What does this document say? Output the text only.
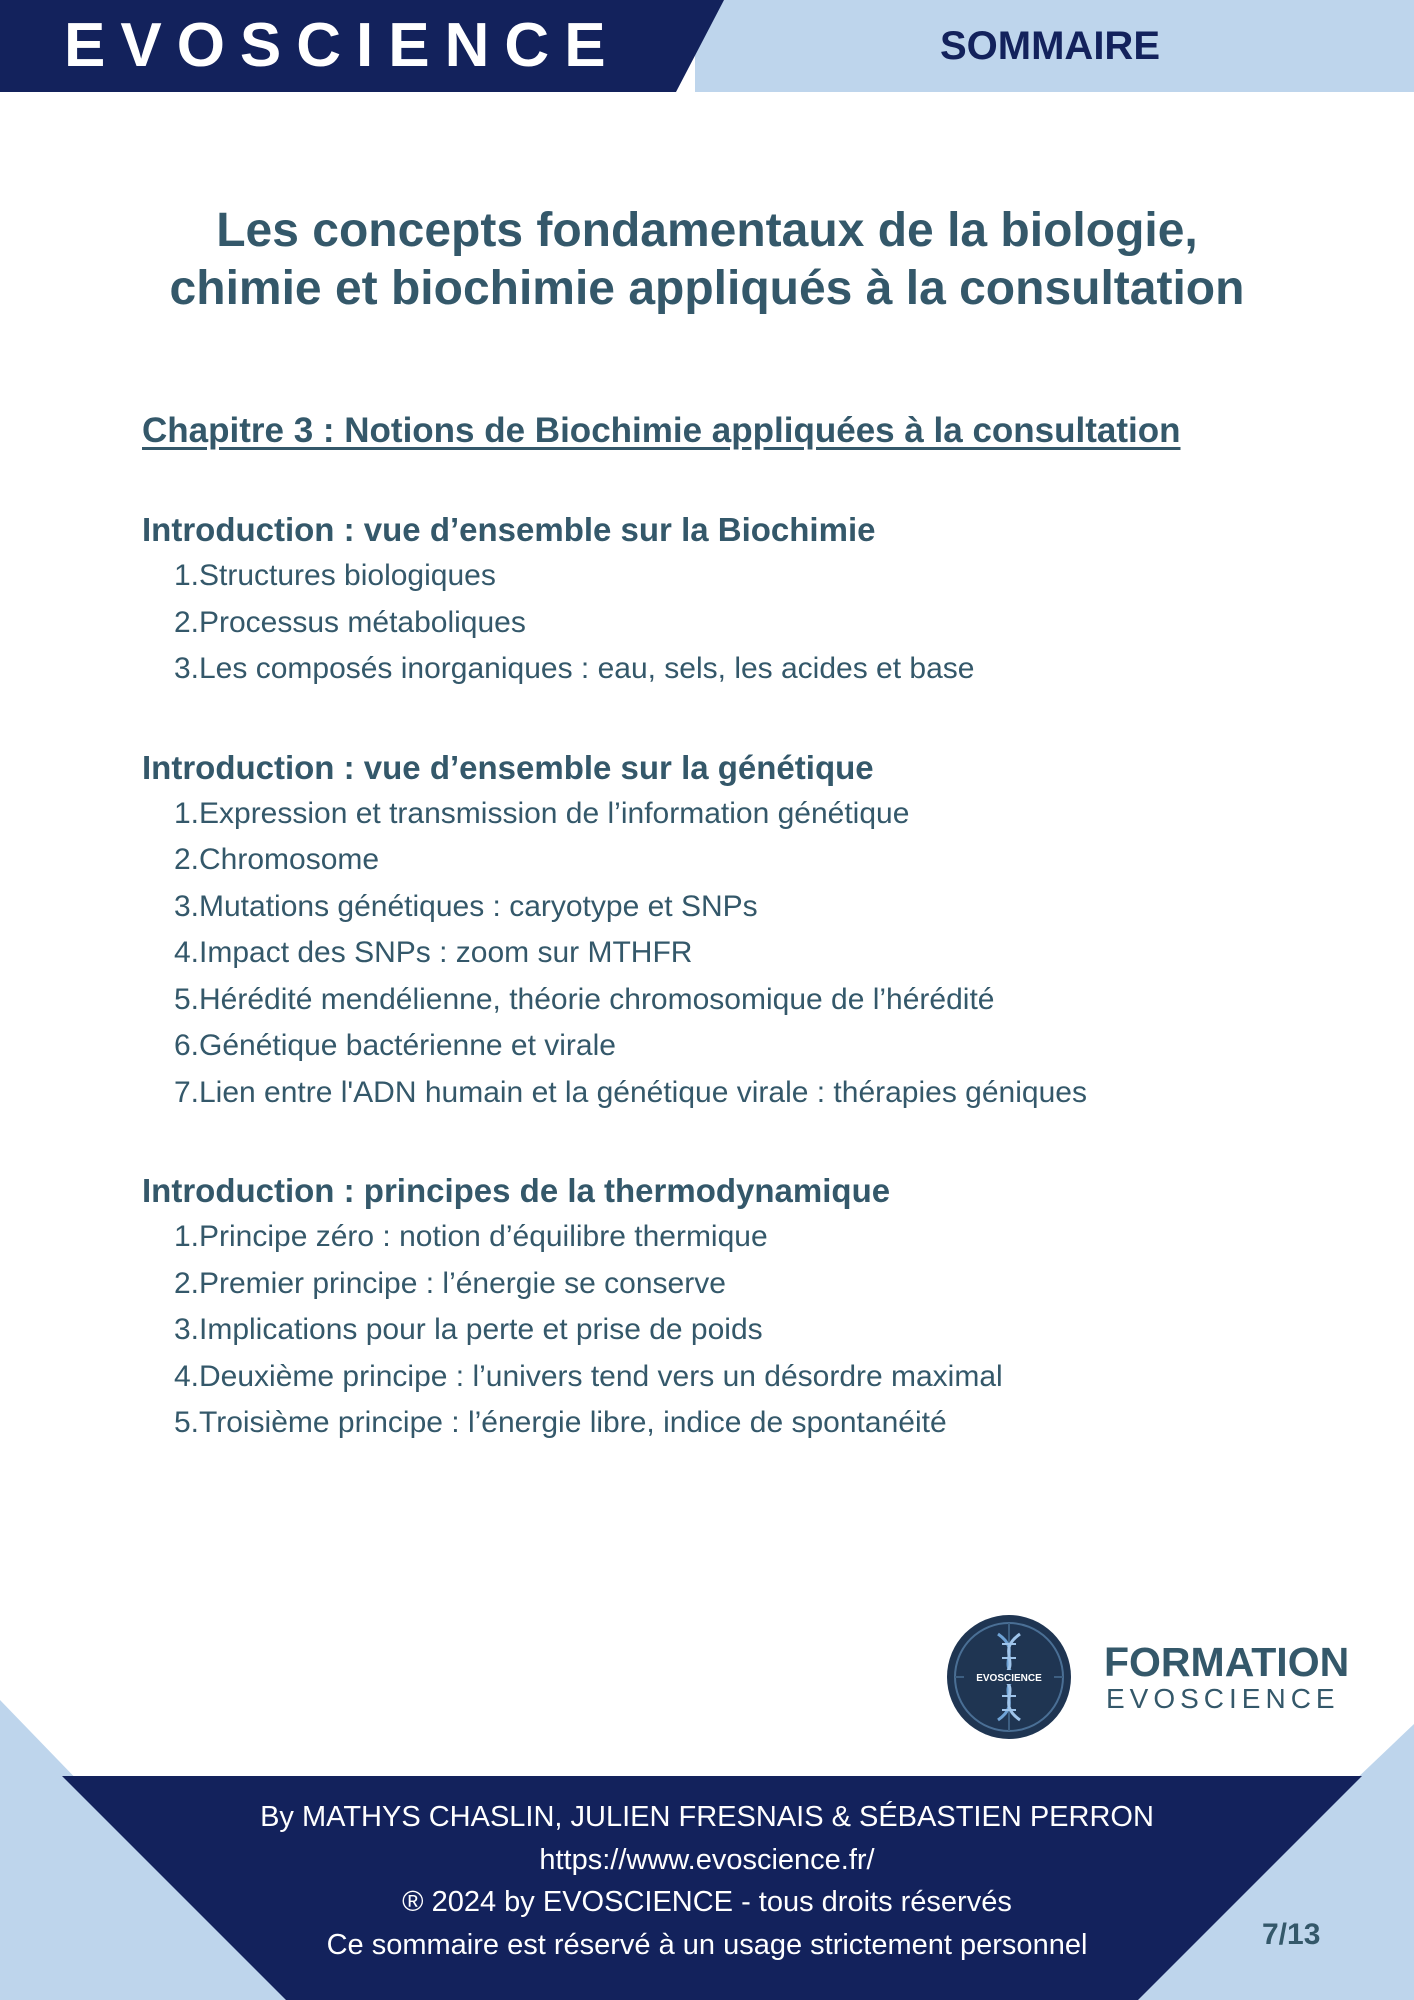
EVOSCIENCE	SOMMAIRE
Les concepts fondamentaux de la biologie,
chimie et biochimie appliqués à la consultation

Chapitre 3 : Notions de Biochimie appliquées à la consultation

Introduction : vue d’ensemble sur la Biochimie

1.Structures biologiques
2.Processus métaboliques
3.Les composés inorganiques : eau, sels, les acides et base

Introduction : vue d’ensemble sur la génétique

1.Expression et transmission de l’information génétique
2.Chromosome
3.Mutations génétiques : caryotype et SNPs
4.Impact des SNPs : zoom sur MTHFR
5.Hérédité mendélienne, théorie chromosomique de l’hérédité
6.Génétique bactérienne et virale
7.Lien entre l'ADN humain et la génétique virale : thérapies géniques

Introduction : principes de la thermodynamique

1.Principe zéro : notion d’équilibre thermique
2.Premier principe : l’énergie se conserve
3.Implications pour la perte et prise de poids
4.Deuxième principe : l’univers tend vers un désordre maximal
5.Troisième principe : l’énergie libre, indice de spontanéité
EVOSCIENCE FORMATION
EVOSCIENCE
By MATHYS CHASLIN, JULIEN FRESNAIS & SÉBASTIEN PERRON
https://www.evoscience.fr/
® 2024 by EVOSCIENCE - tous droits réservés
Ce sommaire est réservé à un usage strictement personnel	7/13
